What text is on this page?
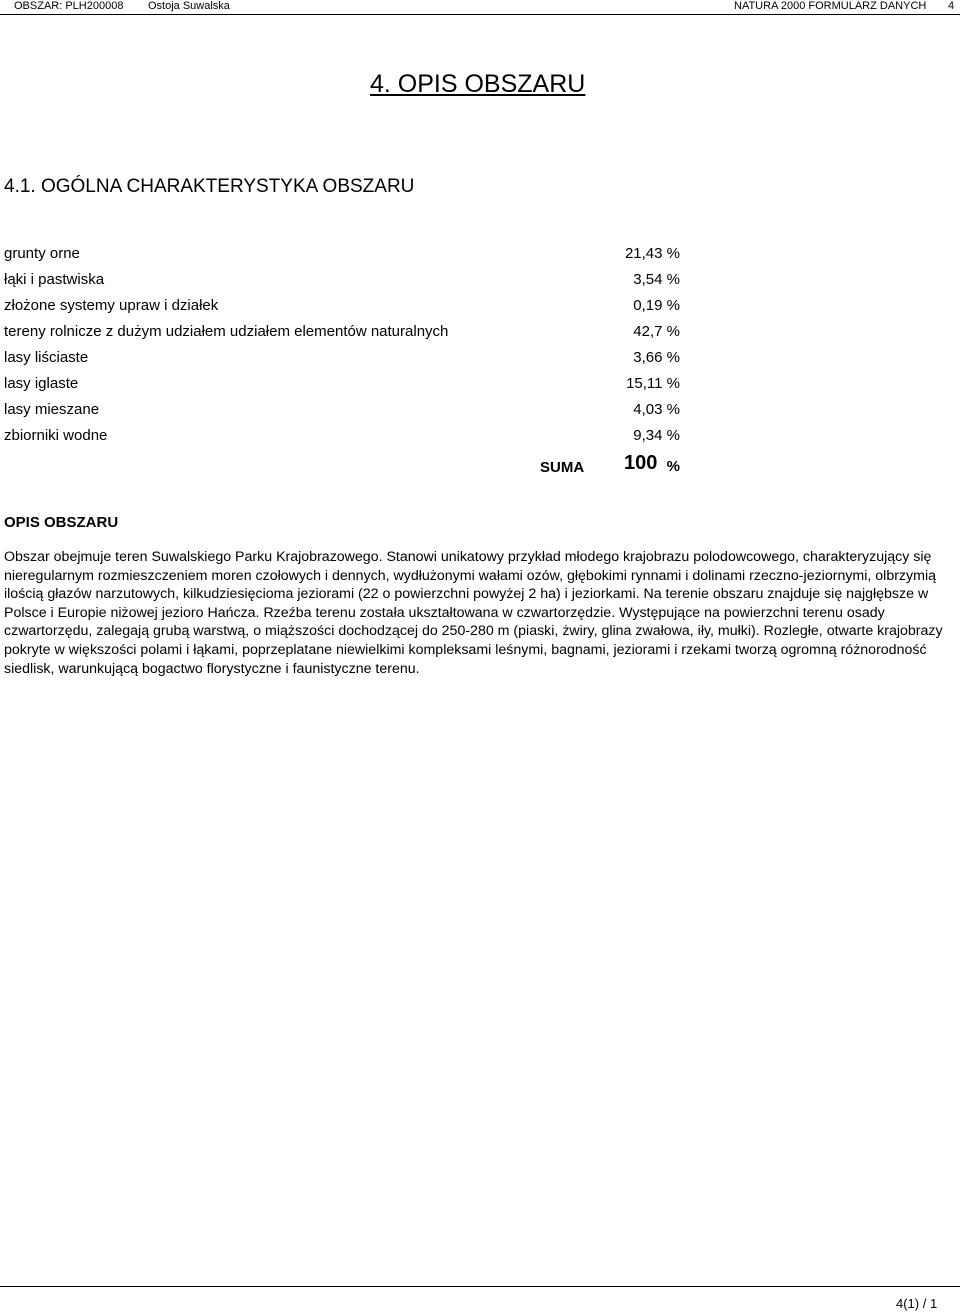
OBSZAR: PLH200008 Ostoja Suwalska	NATURA 2000 FORMULARZ DANYCH 4
4. OPIS OBSZARU
4.1. OGÓLNA CHARAKTERYSTYKA OBSZARU
grunty orne	21,43 %
łąki i pastwiska	3,54 %
złożone systemy upraw i działek	0,19 %
tereny rolnicze z dużym udziałem udziałem elementów naturalnych	42,7 %
lasy liściaste	3,66 %
lasy iglaste	15,11 %
lasy mieszane	4,03 %
zbiorniki wodne	9,34 %
SUMA 100 %
OPIS OBSZARU
Obszar obejmuje teren Suwalskiego Parku Krajobrazowego. Stanowi unikatowy przykład młodego krajobrazu polodowcowego, charakteryzujący się nieregularnym rozmieszczeniem moren czołowych i dennych, wydłużonymi wałami ozów, głębokimi rynnami i dolinami rzeczno-jeziornymi, olbrzymią ilością głazów narzutowych, kilkudziesięcioma jeziorami (22 o powierzchni powyżej 2 ha) i jeziorkami. Na terenie obszaru znajduje się najgłębsze w Polsce i Europie niżowej jezioro Hańcza. Rzeźba terenu została ukształtowana w czwartorzędzie. Występujące na powierzchni terenu osady czwartorzędu, zalegają grubą warstwą, o miąższości dochodzącej do 250-280 m (piaski, żwiry, glina zwałowa, iły, mułki). Rozległe, otwarte krajobrazy pokryte w większości polami i łąkami, poprzeplatane niewielkimi kompleksami leśnymi, bagnami, jeziorami i rzekami tworzą ogromną różnorodność siedlisk, warunkującą bogactwo florystyczne i faunistyczne terenu.
4(1) / 1
